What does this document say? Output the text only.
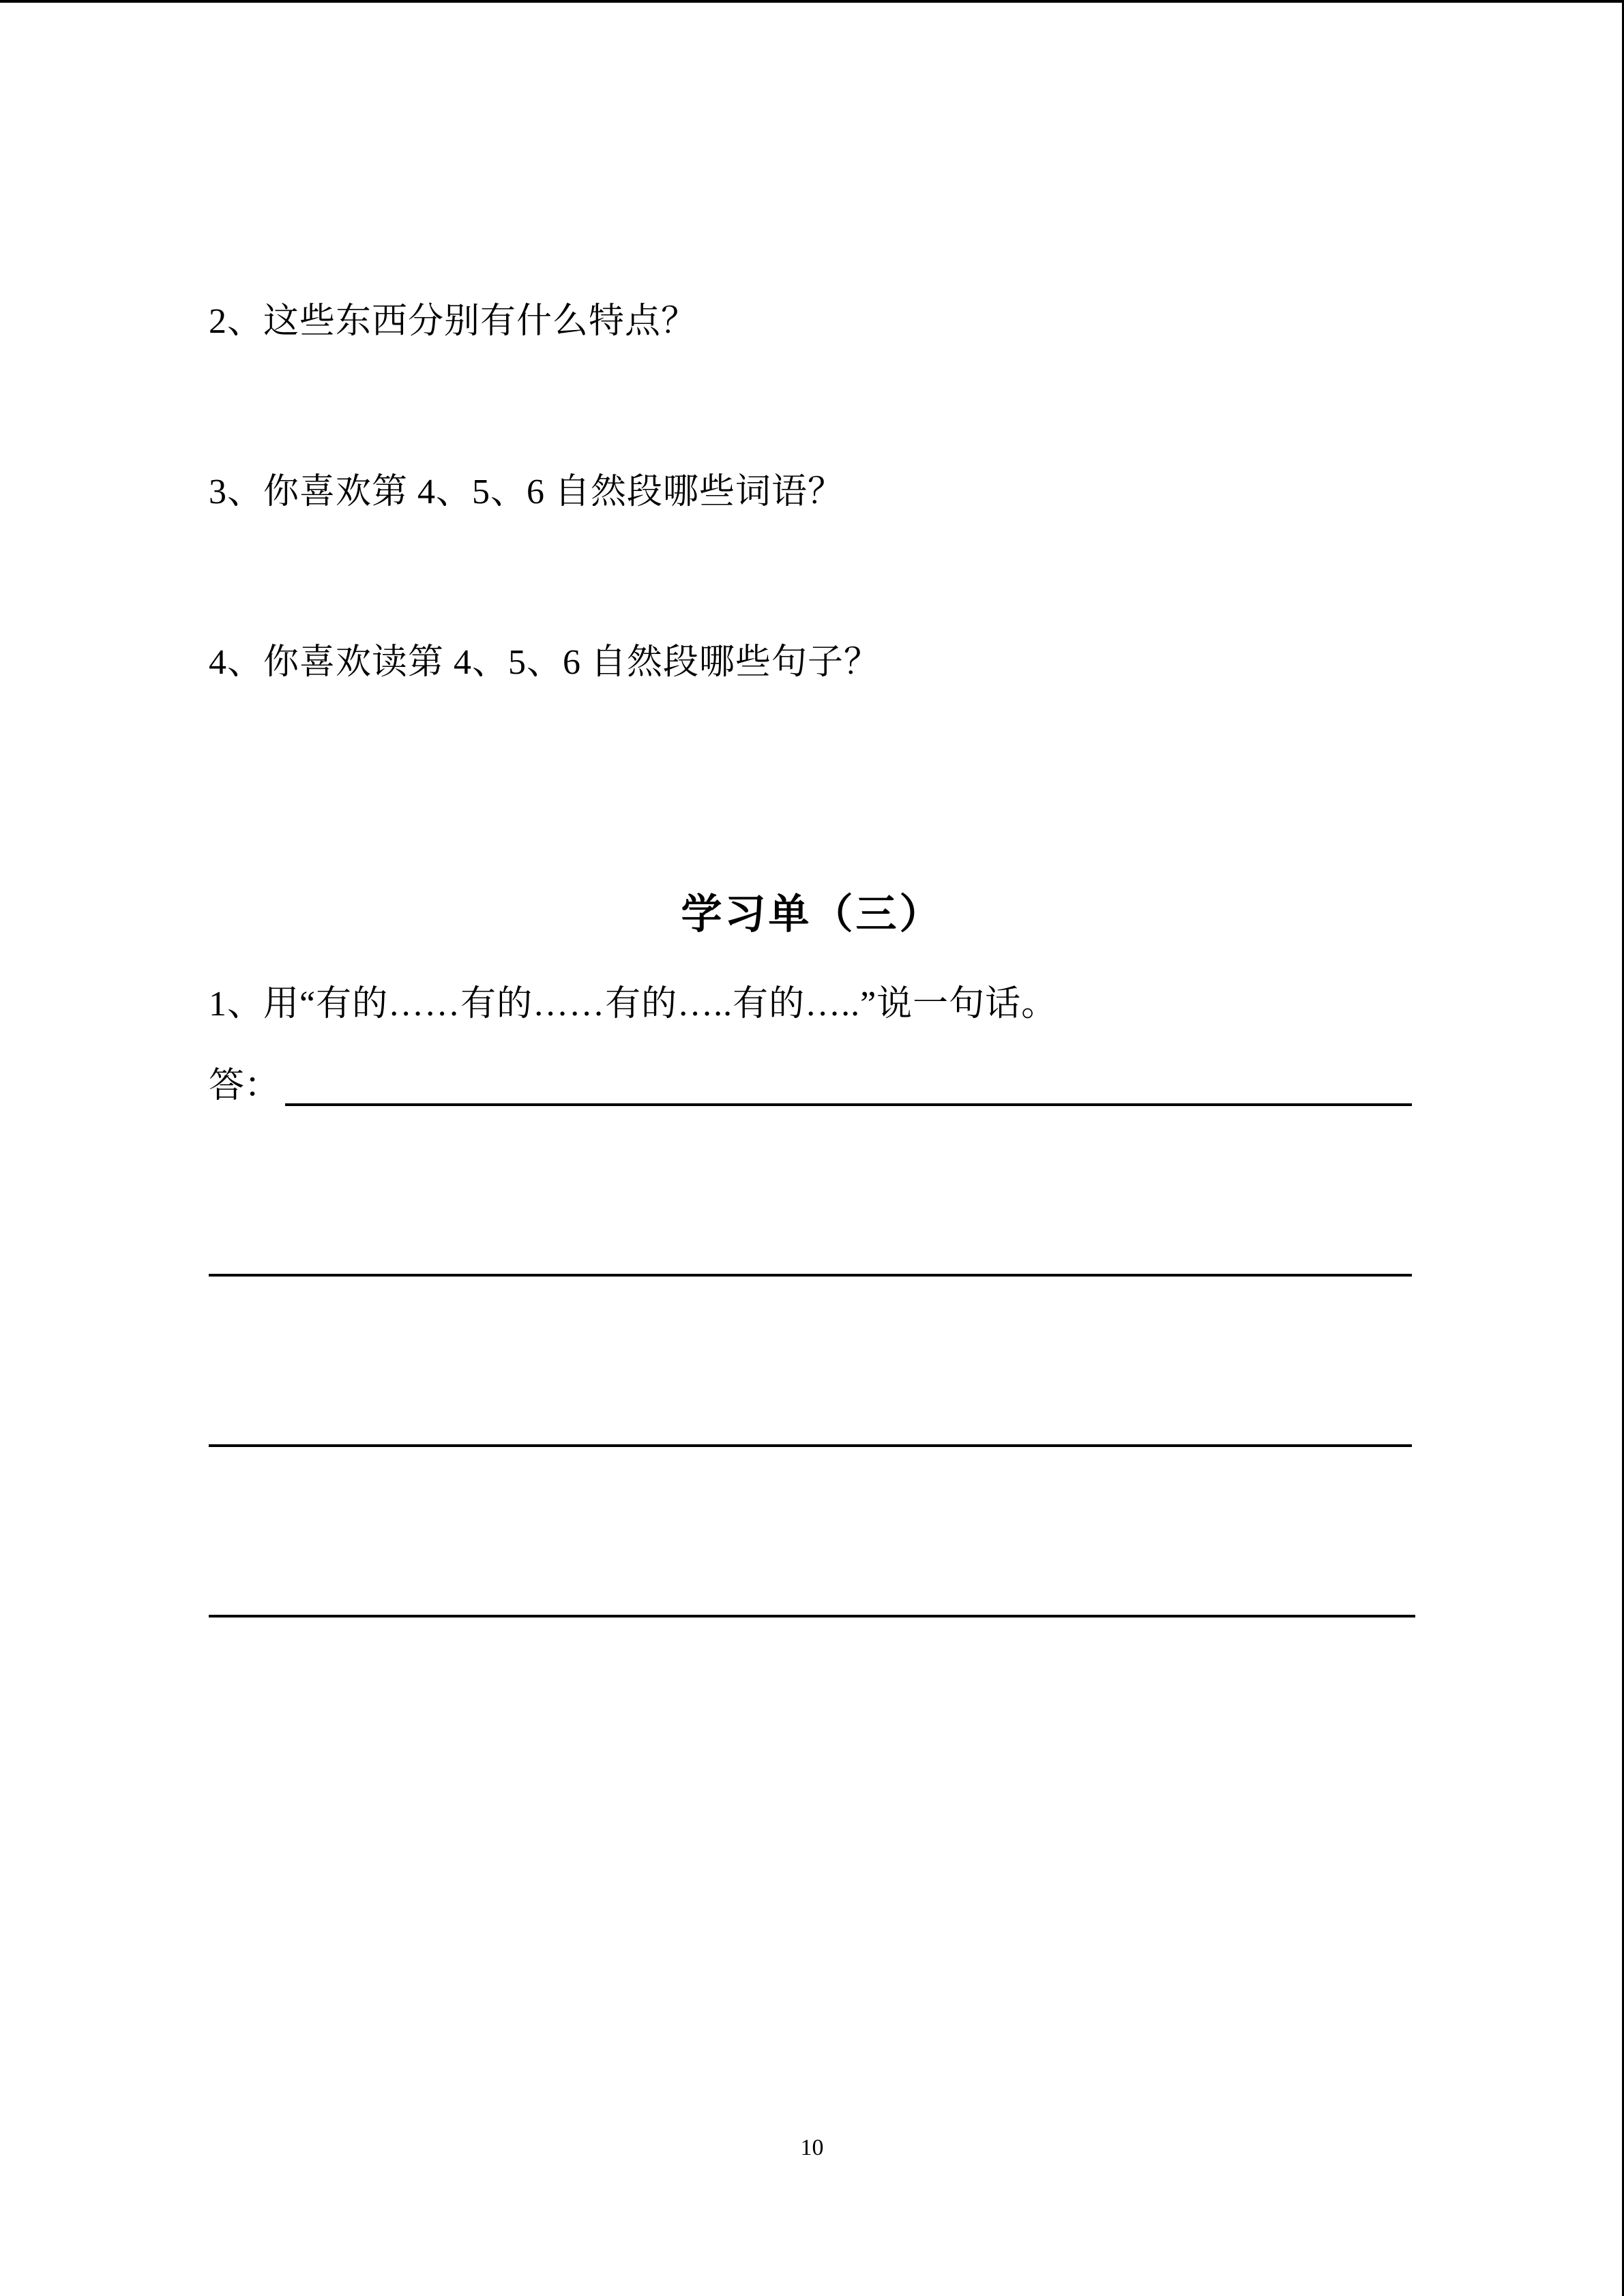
2、这些东西分别有什么特点？
3、你喜欢第 4、5、6 自然段哪些词语？
4、你喜欢读第 4、5、6 自然段哪些句子？
学习单（三）
1、用“有的……有的……有的…..有的…..”说一句话。
答：
10
